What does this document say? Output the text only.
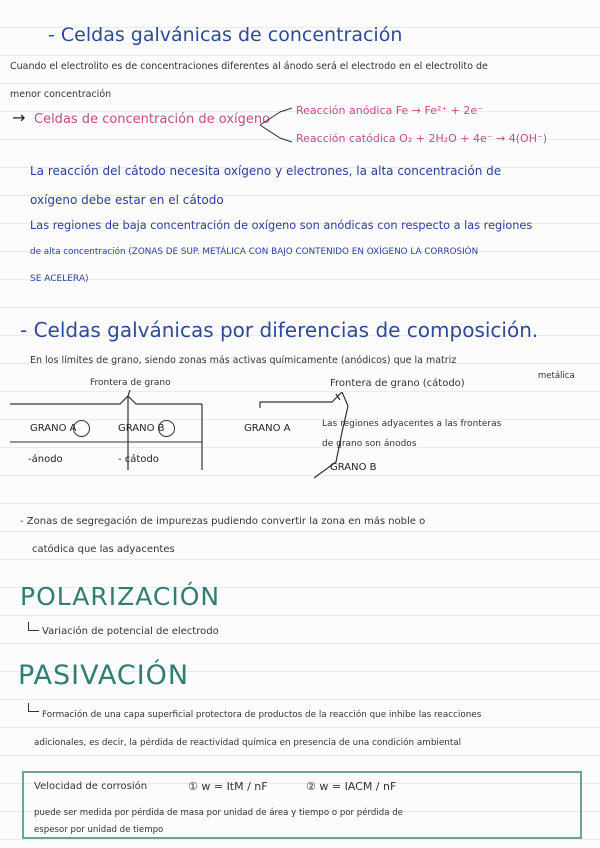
- Celdas galvánicas de concentración
Cuando el electrolito es de concentraciones diferentes al ánodo será el electrodo en el electrolito de
menor concentración
→ Celdas de concentración de oxígeno
Reacción anódica Fe → Fe²⁺ + 2e⁻
Reacción catódica O₂ + 2H₂O + 4e⁻ → 4(OH⁻)
La reacción del cátodo necesita oxígeno y electrones, la alta concentración de
oxígeno debe estar en el cátodo
Las regiones de baja concentración de oxígeno son anódicas con respecto a las regiones
de alta concentración (ZONAS DE SUP. METÁLICA CON BAJO CONTENIDO EN OXÍGENO LA CORROSIÓN
SE ACELERA)
- Celdas galvánicas por diferencias de composición.
En los límites de grano, siendo zonas más activas químicamente (anódicos) que la matriz
metálica
Frontera de grano
GRANO A	GRANO B
-ánodo	- cátodo
Frontera de grano (cátodo)
GRANO A	Las regiones adyacentes a las fronteras
de grano son ánodos
GRANO B
- Zonas de segregación de impurezas pudiendo convertir la zona en más noble o
catódica que las adyacentes
POLARIZACIÓN
Variación de potencial de electrodo
PASIVACIÓN
Formación de una capa superficial protectora de productos de la reacción que inhibe las reacciones
adicionales, es decir, la pérdida de reactividad química en presencia de una condición ambiental
Velocidad de corrosión	① w = ItM / nF	② w = IACM / nF
puede ser medida por pérdida de masa por unidad de área y tiempo o por pérdida de
espesor por unidad de tiempo
